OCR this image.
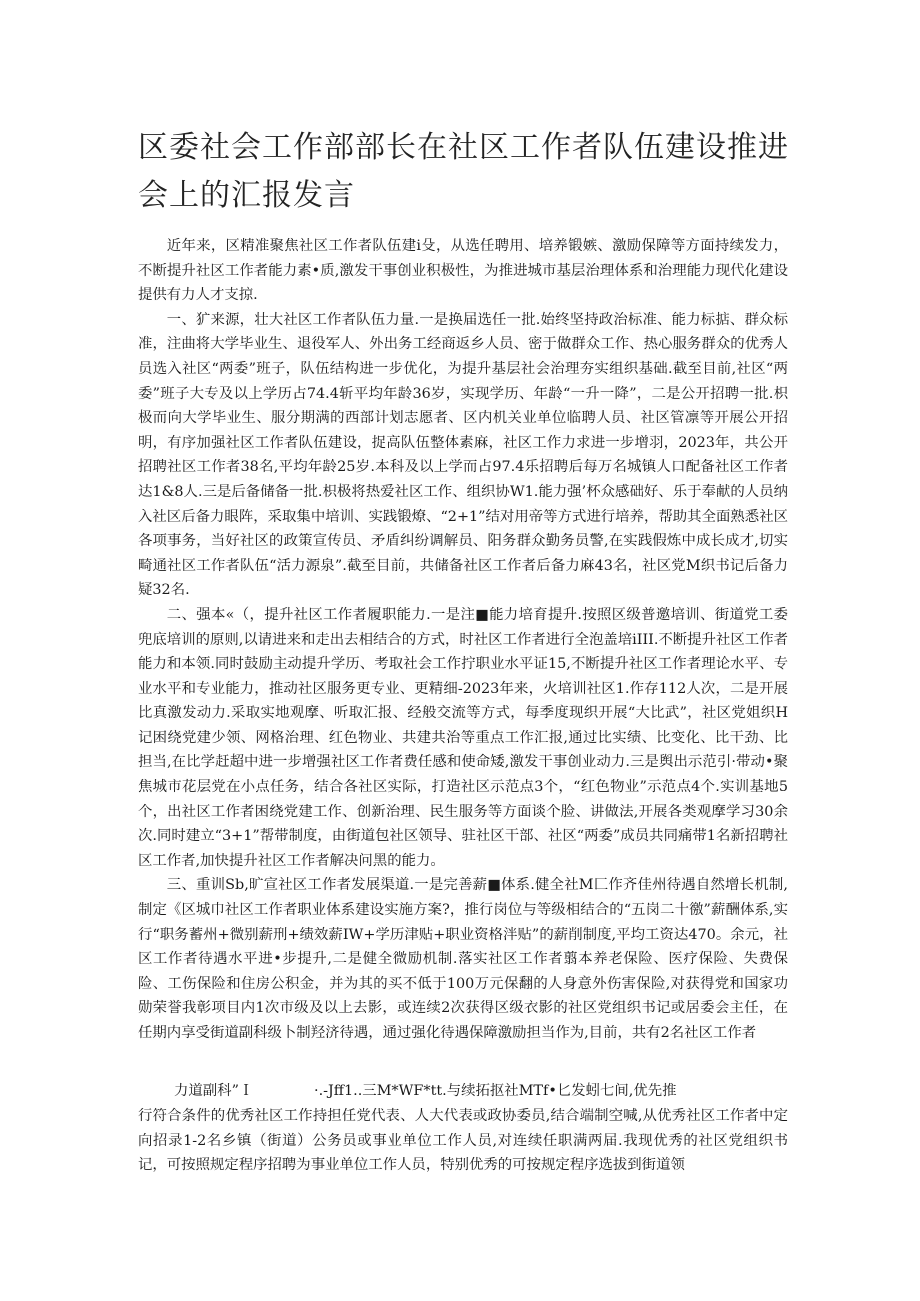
区委社会工作部部长在社区工作者队伍建设推进会上的汇报发言

近年来，区精准聚焦社区工作者队伍建i殳，从选任聘用、培养锻嫉、激励保障等方面持续发力，不断提升社区工作者能力素•质,激发干事创业积极性，为推进城市基层治理体系和治理能力现代化建设提供有力人才支掠.

一、犷来源，壮大社区工作者队伍力量.一是换届选任一批.始终坚持政治标准、能力标掂、群众标准，注曲将大学毕业生、退役军人、外出务工经商返乡人员、密于做群众工作、热心服务群众的优秀人员选入社区“两委”班子，队伍结构进一步优化，为提升基层社会治理夯实组织基础.截至目前,社区“两委”班子大专及以上学历占74.4斩平均年龄36岁，实现学历、年龄“一升一降”，二是公开招聘一批.枳极而向大学毕业生、服分期满的西部计划志愿者、区内机关业单位临聘人员、社区管凛等开展公开招明，有序加强社区工作者队伍建设，捉高队伍整体素麻，社区工作力求进一步增羽，2023年，共公开招聘社区工作者38名,平均年龄25岁.本科及以上学而占97.4乐招聘后每万名城镇人口配备社区工作者达1&8人.三是后备储备一批.枳极将热爱社区工作、组织协W1.能力强’杯众感础好、乐于奉献的人员纳入社区后备力眼阵，采取集中培训、实践锻燎、“2+1”结对用帝等方式进行培养，帮助其全面熟悉社区各项事务，当好社区的政策宣传员、矛盾纠纷调解员、阳务群众勤务员警,在实践假炼中成长成才,切实畸通社区工作者队伍“活力源泉”.截至目前，共储备社区工作者后备力麻43名，社区党M织书记后备力疑32名.

二、强本«（，提升社区工作者履职能力.一是注■能力培育提升.按照区级普邀培训、街道党工委兜底培训的原则,以请进来和走出去相结合的方式，时社区工作者进行全泡盖培iIII.不断提升社区工作者能力和本领.同时鼓励主动提升学历、考取社会工作拧职业水平证15,不断提升社区工作者理论水平、专业水平和专业能力，推动社区服务更专业、更精细-2023年来，火培训社区1.作存112人次，二是开展比真激发动力.采取实地观摩、听取汇报、经般交流等方式，每季度现织开展“大比武”，社区党姐织H记困绕党建少领、网格治理、红色物业、共建共治等重点工作汇报,通过比实绩、比变化、比干劲、比担当,在比学赶超中进一步增强社区工作者费任感和使命矮,激发干事创业动力.三是舆出示范引·带动•聚焦城市花层党在小点任务，结合各社区实际，打造社区示范点3个，“红色物业”示范点4个.实训基地5个，出社区工作者困绕党建工作、创新治理、民生服务等方面谈个脸、讲做法,开展各类观摩学习30余次.同时建立“3+1”帮带制度，由街道包社区领导、驻社区干部、社区“两委”成员共同痛带1名新招聘社区工作者,加快提升社区工作者解决问黑的能力。

三、重训Sb,旷宣社区工作者发展渠道.一是完善薪■体系.健全社M匚作齐佳州待遇自然增长机制,制定《区城巾社区工作者职业体系建设实施方案?，推行岗位与等级相结合的“五岗二十徼”薪酬体系,实行“职务蓄州+微别薪刑+绩效薪IW+学历津贴+职业资格泮贴”的薪削制度,平均工资达470。余元，社区工作者待遇水平进•步提升,二是健全微励机制.落实社区工作者翦本养老保险、医疗保险、失费保险、工伤保险和住房公积金，并为其的买不低于100万元保翻的人身意外伤害保险,对获得党和国家功勋荣誉我彰项目内1次市级及以上去影，或连续2次获得区级衣影的社区党组织书记或居委会主任，在任期内享受街道副科级卜制羟济待遇，通过强化待遇保障激励担当作为,目前，共有2名社区工作者

力道副科”Ｉ	·.-Jff1..三M*WF*tt.与续拓抠社MTf•匕发蚓七间,优先推

行符合条件的优秀社区工作持担任党代表、人大代表或政协委员,结合端制空喊,从优秀社区工作者中定向招录1-2名乡镇（街道）公务员或事业单位工作人员,对连续任职满两届.我现优秀的社区党组织书记，可按照规定程序招聘为事业单位工作人员，特别优秀的可按规定程序选拔到街道领
